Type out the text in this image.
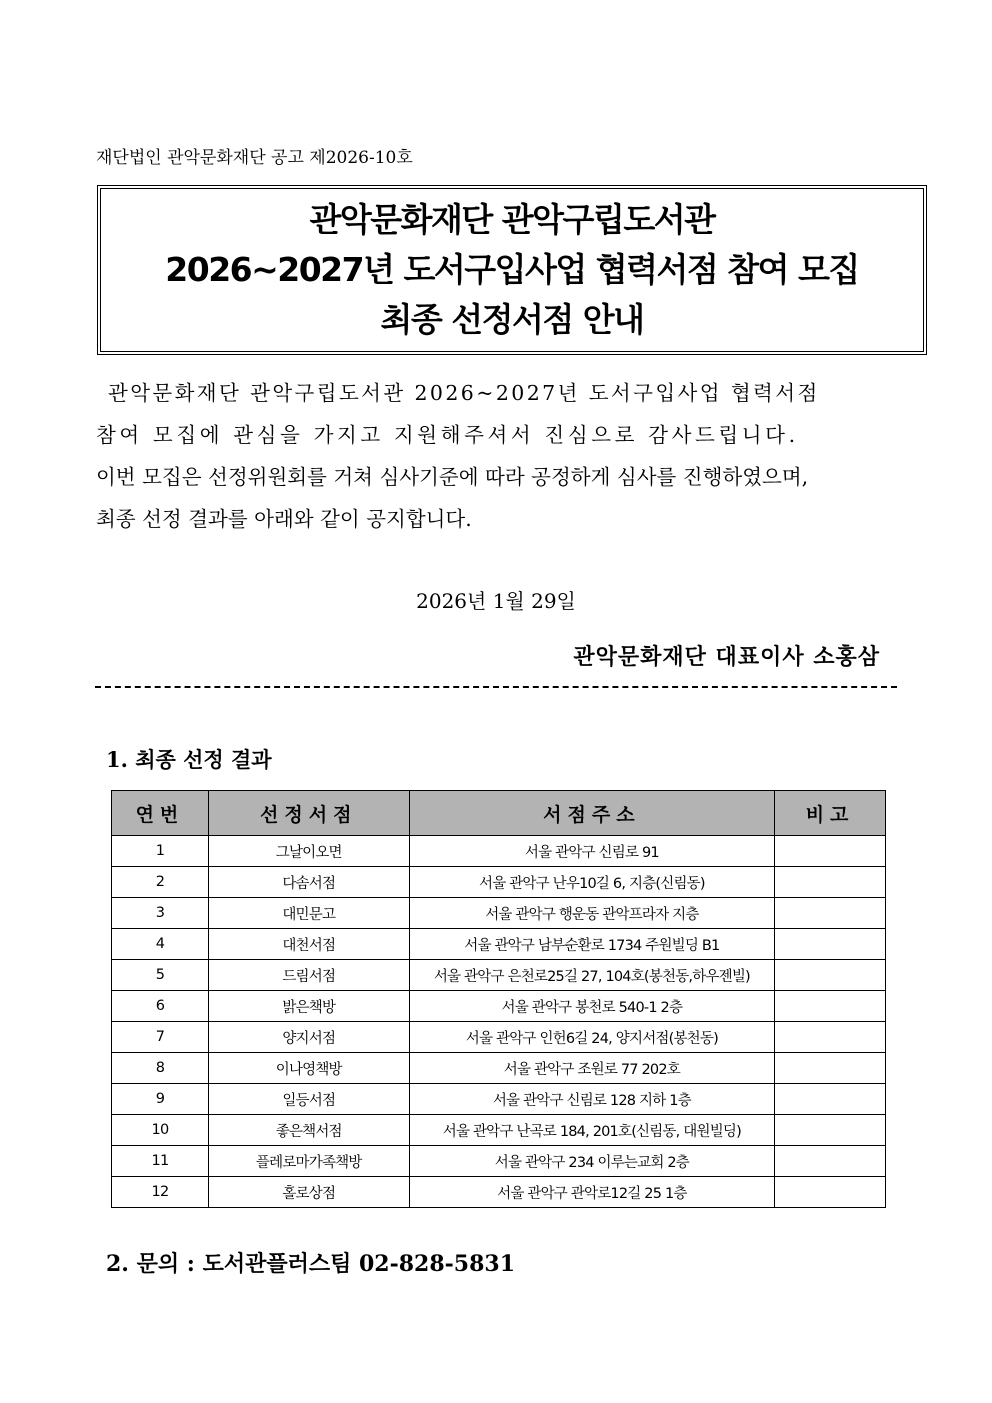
재단법인 관악문화재단 공고 제2026-10호
관악문화재단 관악구립도서관
2026~2027년 도서구입사업 협력서점 참여 모집
최종 선정서점 안내
관악문화재단 관악구립도서관 2026~2027년 도서구입사업 협력서점
참여 모집에 관심을 가지고 지원해주셔서 진심으로 감사드립니다.
이번 모집은 선정위원회를 거쳐 심사기준에 따라 공정하게 심사를 진행하였으며,
최종 선정 결과를 아래와 같이 공지합니다.
2026년 1월 29일
관악문화재단 대표이사 소홍삼
1. 최종 선정 결과
연번	선정서점	서점주소	비고
1	그날이오면	서울 관악구 신림로 91	
2	다솜서점	서울 관악구 난우10길 6, 지층(신림동)	
3	대민문고	서울 관악구 행운동 관악프라자 지층	
4	대천서점	서울 관악구 남부순환로 1734 주원빌딩 B1	
5	드림서점	서울 관악구 은천로25길 27, 104호(봉천동,하우젠빌)	
6	밝은책방	서울 관악구 봉천로 540-1 2층	
7	양지서점	서울 관악구 인헌6길 24, 양지서점(봉천동)	
8	이나영책방	서울 관악구 조원로 77 202호	
9	일등서점	서울 관악구 신림로 128 지하 1층	
10	좋은책서점	서울 관악구 난곡로 184, 201호(신림동, 대원빌딩)	
11	플레로마가족책방	서울 관악구 234 이루는교회 2층	
12	홀로상점	서울 관악구 관악로12길 25 1층	
2. 문의 : 도서관플러스팀 02-828-5831
